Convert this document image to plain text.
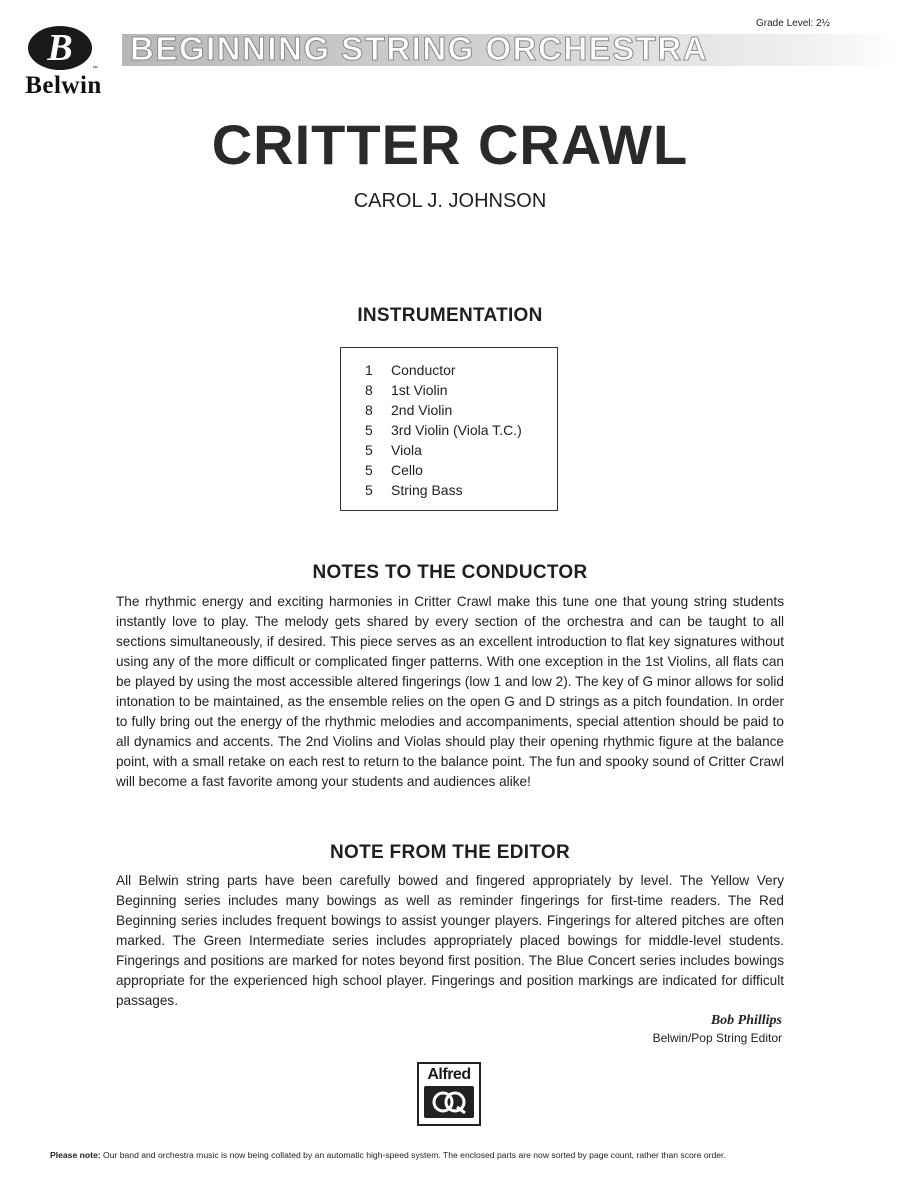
B	™
Belwin
BEGINNING STRING ORCHESTRA
Grade Level: 2½
CRITTER CRAWL
CAROL J. JOHNSON
INSTRUMENTATION
1	Conductor
8	1st Violin
8	2nd Violin
5	3rd Violin (Viola T.C.)
5	Viola
5	Cello
5	String Bass
NOTES TO THE CONDUCTOR

The rhythmic energy and exciting harmonies in Critter Crawl make this tune one that young string students instantly love to play. The melody gets shared by every section of the orchestra and can be taught to all sections simultaneously, if desired. This piece serves as an excellent introduction to flat key signatures without using any of the more difficult or complicated finger patterns. With one exception in the 1st Violins, all flats can be played by using the most accessible altered fingerings (low 1 and low 2). The key of G minor allows for solid intonation to be maintained, as the ensemble relies on the open G and D strings as a pitch foundation. In order to fully bring out the energy of the rhythmic melodies and accompaniments, special attention should be paid to all dynamics and accents. The 2nd Violins and Violas should play their opening rhythmic figure at the balance point, with a small retake on each rest to return to the balance point. The fun and spooky sound of Critter Crawl will become a fast favorite among your students and audiences alike!

NOTE FROM THE EDITOR

All Belwin string parts have been carefully bowed and fingered appropriately by level. The Yellow Very Beginning series includes many bowings as well as reminder fingerings for first-time readers. The Red Beginning series includes frequent bowings to assist younger players. Fingerings for altered pitches are often marked. The Green Intermediate series includes appropriately placed bowings for middle-level students. Fingerings and positions are marked for notes beyond first position. The Blue Concert series includes bowings appropriate for the experienced high school player. Fingerings and position markings are indicated for difficult passages.

Bob Phillips
Belwin/Pop String Editor
Alfred
Please note: Our band and orchestra music is now being collated by an automatic high-speed system. The enclosed parts are now sorted by page count, rather than score order.
